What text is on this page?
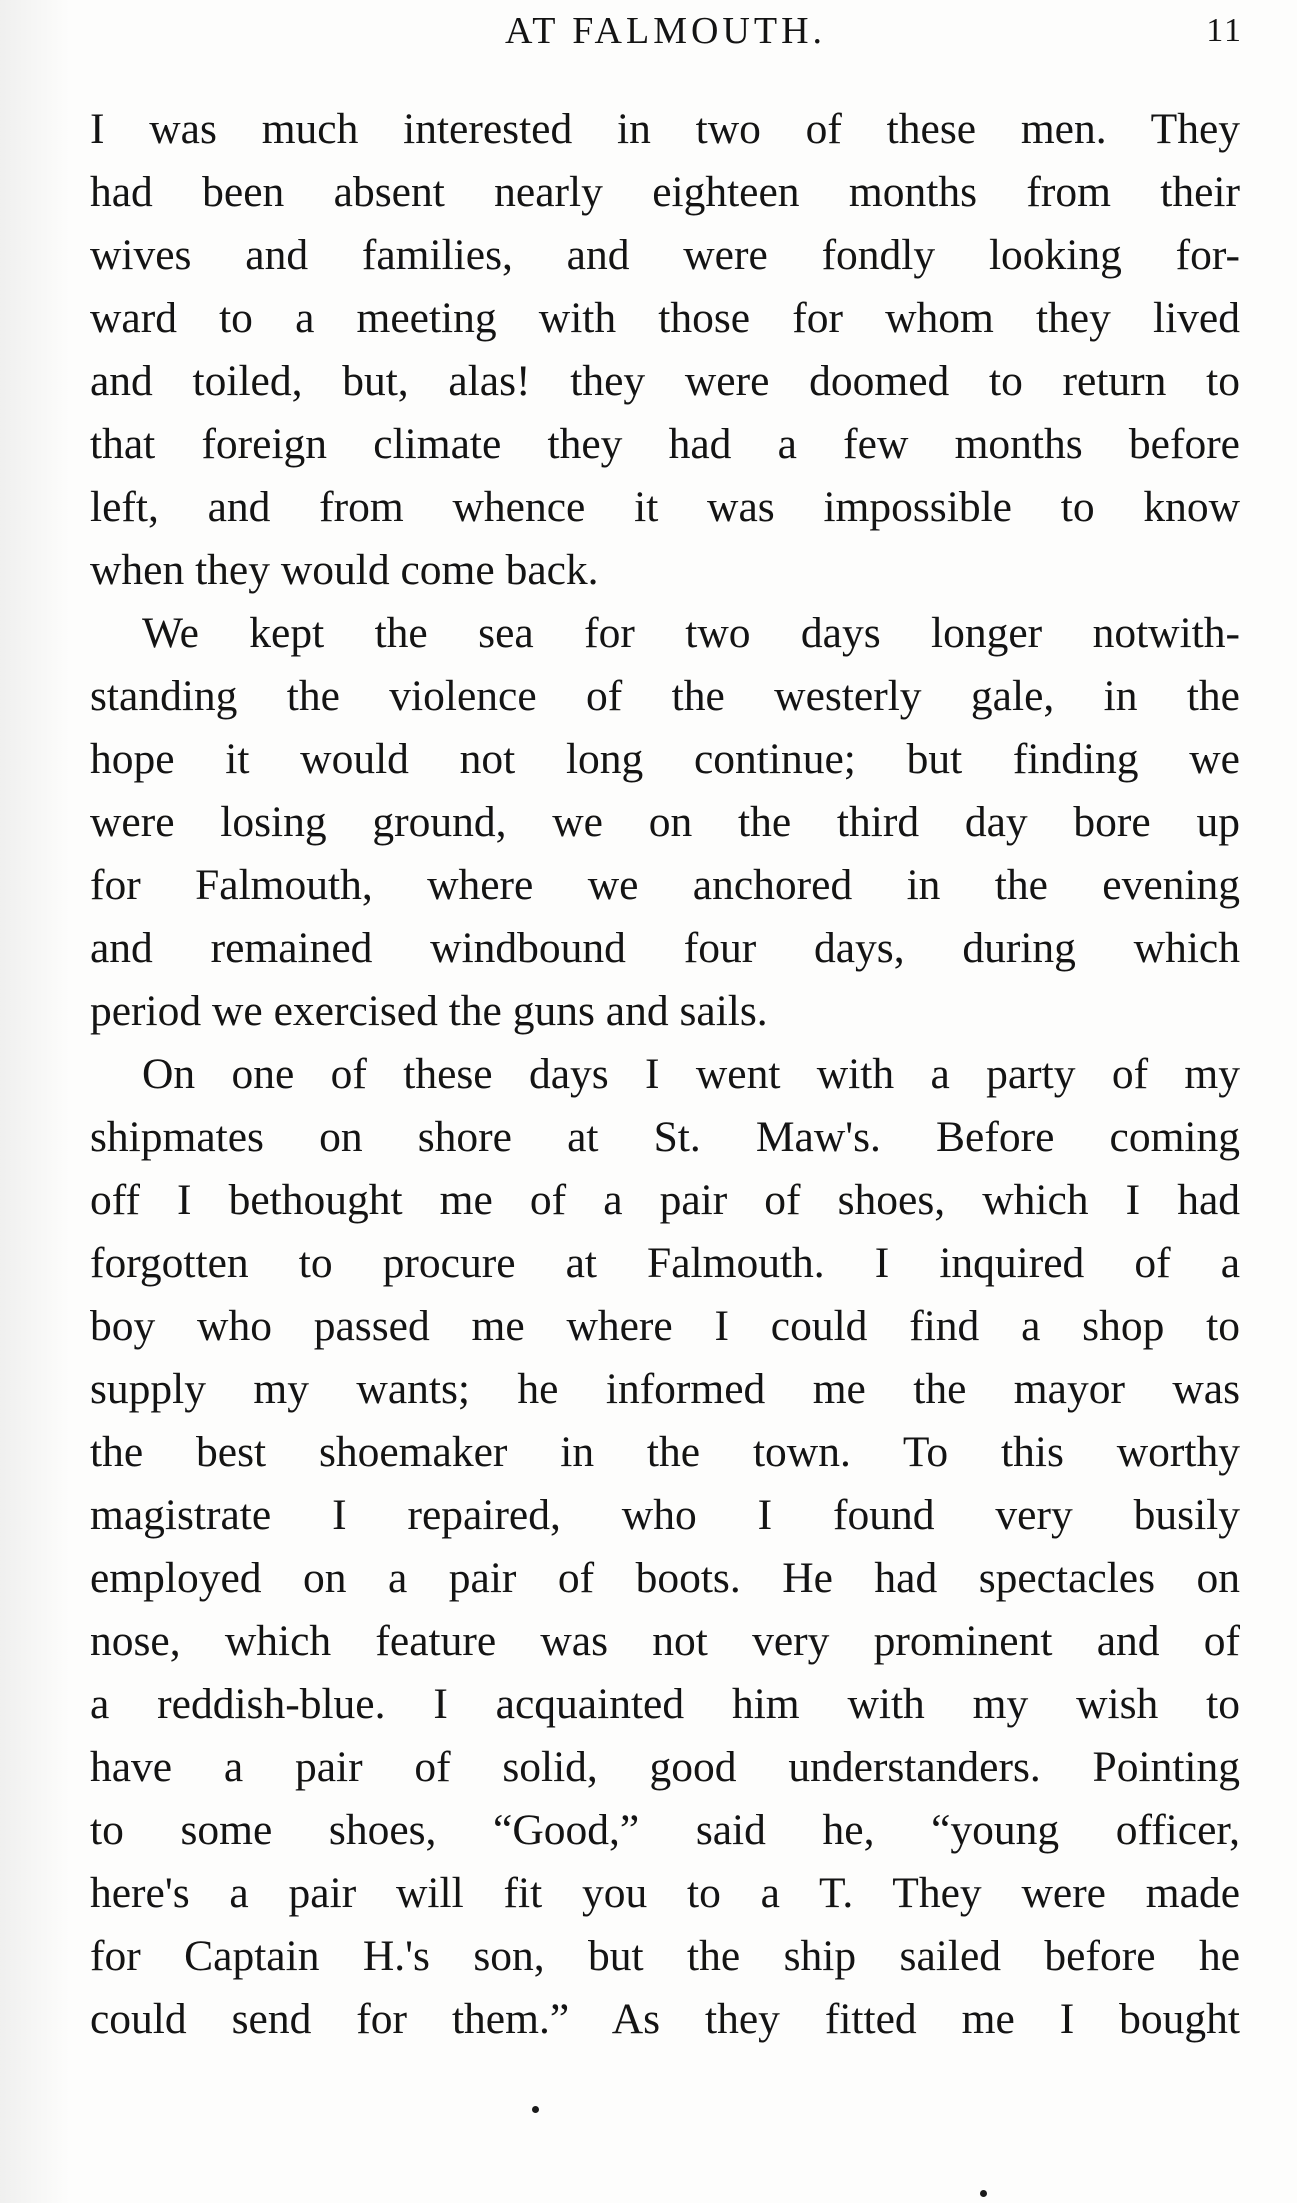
AT FALMOUTH.	11
I was much interested in two of these men. They
had been absent nearly eighteen months from their
wives and families, and were fondly looking for-
ward to a meeting with those for whom they lived
and toiled, but, alas! they were doomed to return to
that foreign climate they had a few months before
left, and from whence it was impossible to know
when they would come back.
We kept the sea for two days longer notwith-
standing the violence of the westerly gale, in the
hope it would not long continue; but finding we
were losing ground, we on the third day bore up
for Falmouth, where we anchored in the evening
and remained windbound four days, during which
period we exercised the guns and sails.
On one of these days I went with a party of my
shipmates on shore at St. Maw's. Before coming
off I bethought me of a pair of shoes, which I had
forgotten to procure at Falmouth. I inquired of a
boy who passed me where I could find a shop to
supply my wants; he informed me the mayor was
the best shoemaker in the town. To this worthy
magistrate I repaired, who I found very busily
employed on a pair of boots. He had spectacles on
nose, which feature was not very prominent and of
a reddish-blue. I acquainted him with my wish to
have a pair of solid, good understanders. Pointing
to some shoes, “Good,” said he, “young officer,
here's a pair will fit you to a T. They were made
for Captain H.'s son, but the ship sailed before he
could send for them.” As they fitted me I bought
